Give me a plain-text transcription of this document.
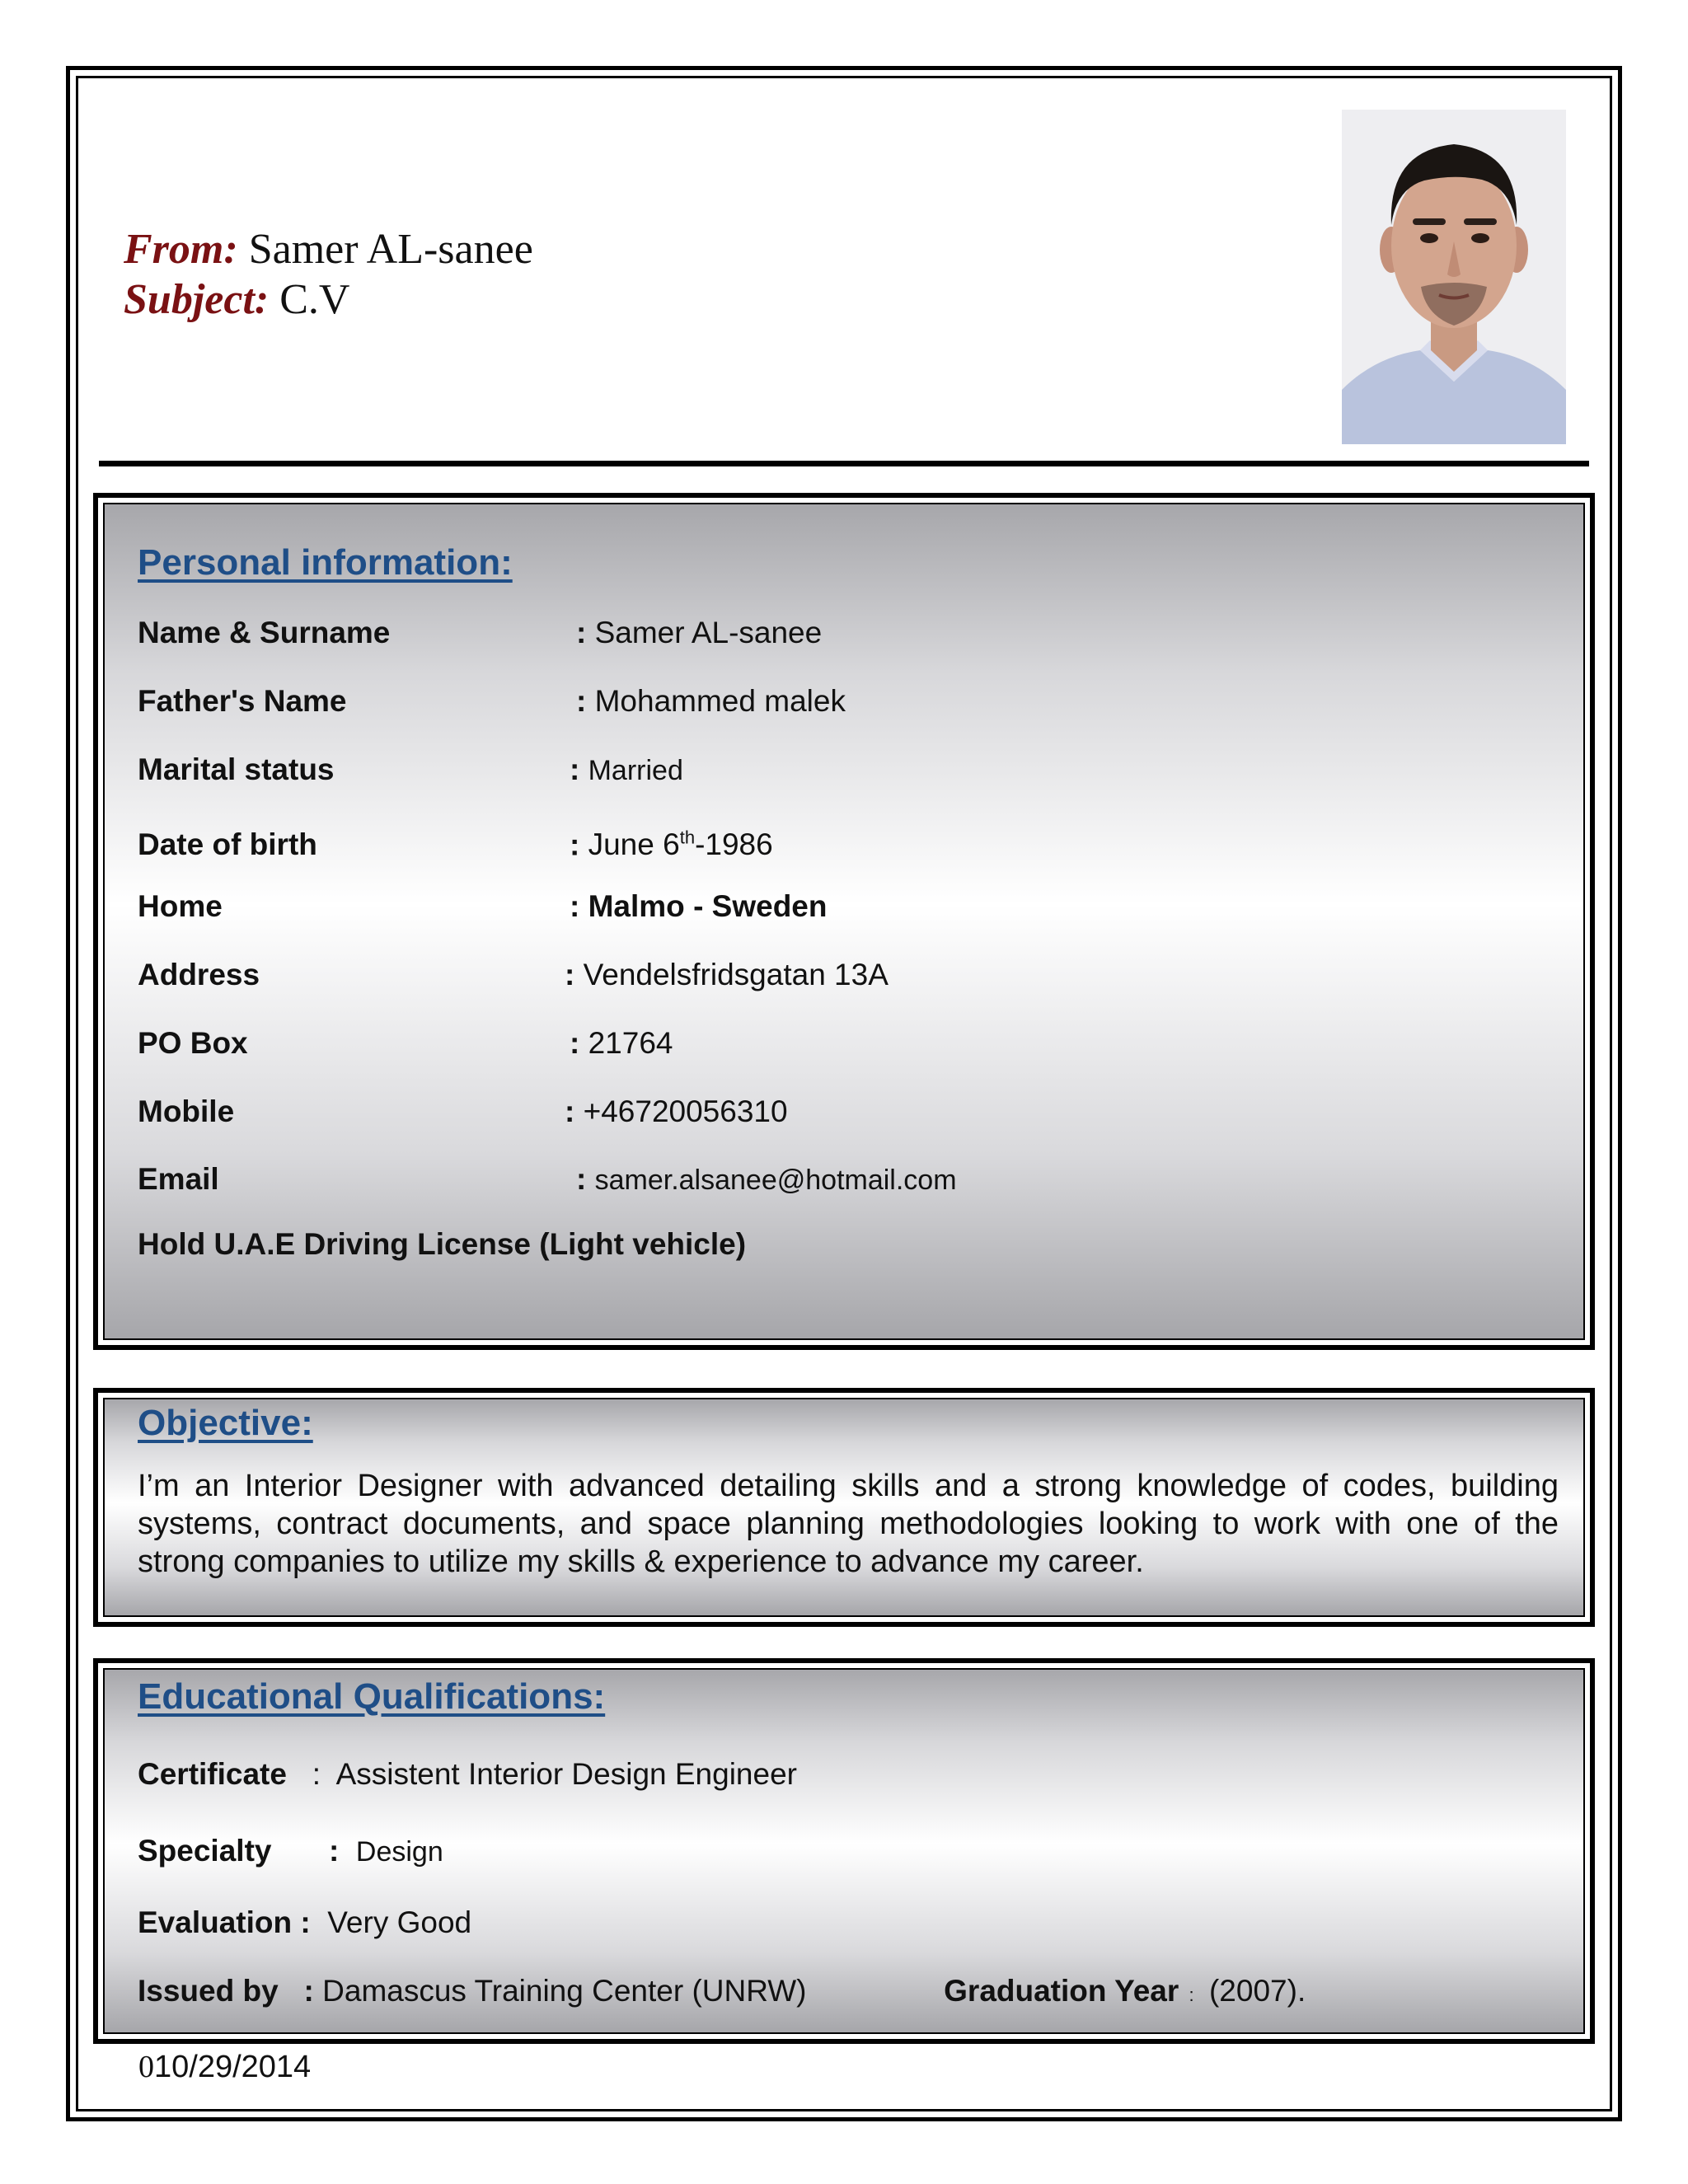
From: Samer AL-sanee
Subject: C.V
Personal information:
Name & Surname	: Samer AL-sanee
Father's Name	: Mohammed malek
Marital status	: Married
Date of birth	: June 6th-1986
Home	: Malmo - Sweden
Address	: Vendelsfridsgatan 13A
PO Box	: 21764
Mobile	: +46720056310
Email	: samer.alsanee@hotmail.com
Hold U.A.E Driving License (Light vehicle)
Objective:
I’m an Interior Designer with advanced detailing skills and a strong knowledge of codes, building systems, contract documents, and space planning methodologies looking to work with one of the strong companies to utilize my skills & experience to advance my career.
Educational Qualifications:
Certificate   :  Assistent Interior Design Engineer
Specialty :  Design
Evaluation :  Very Good
Issued by   : Damascus Training Center (UNRW)	Graduation Year  :   (2007).
010/29/2014
